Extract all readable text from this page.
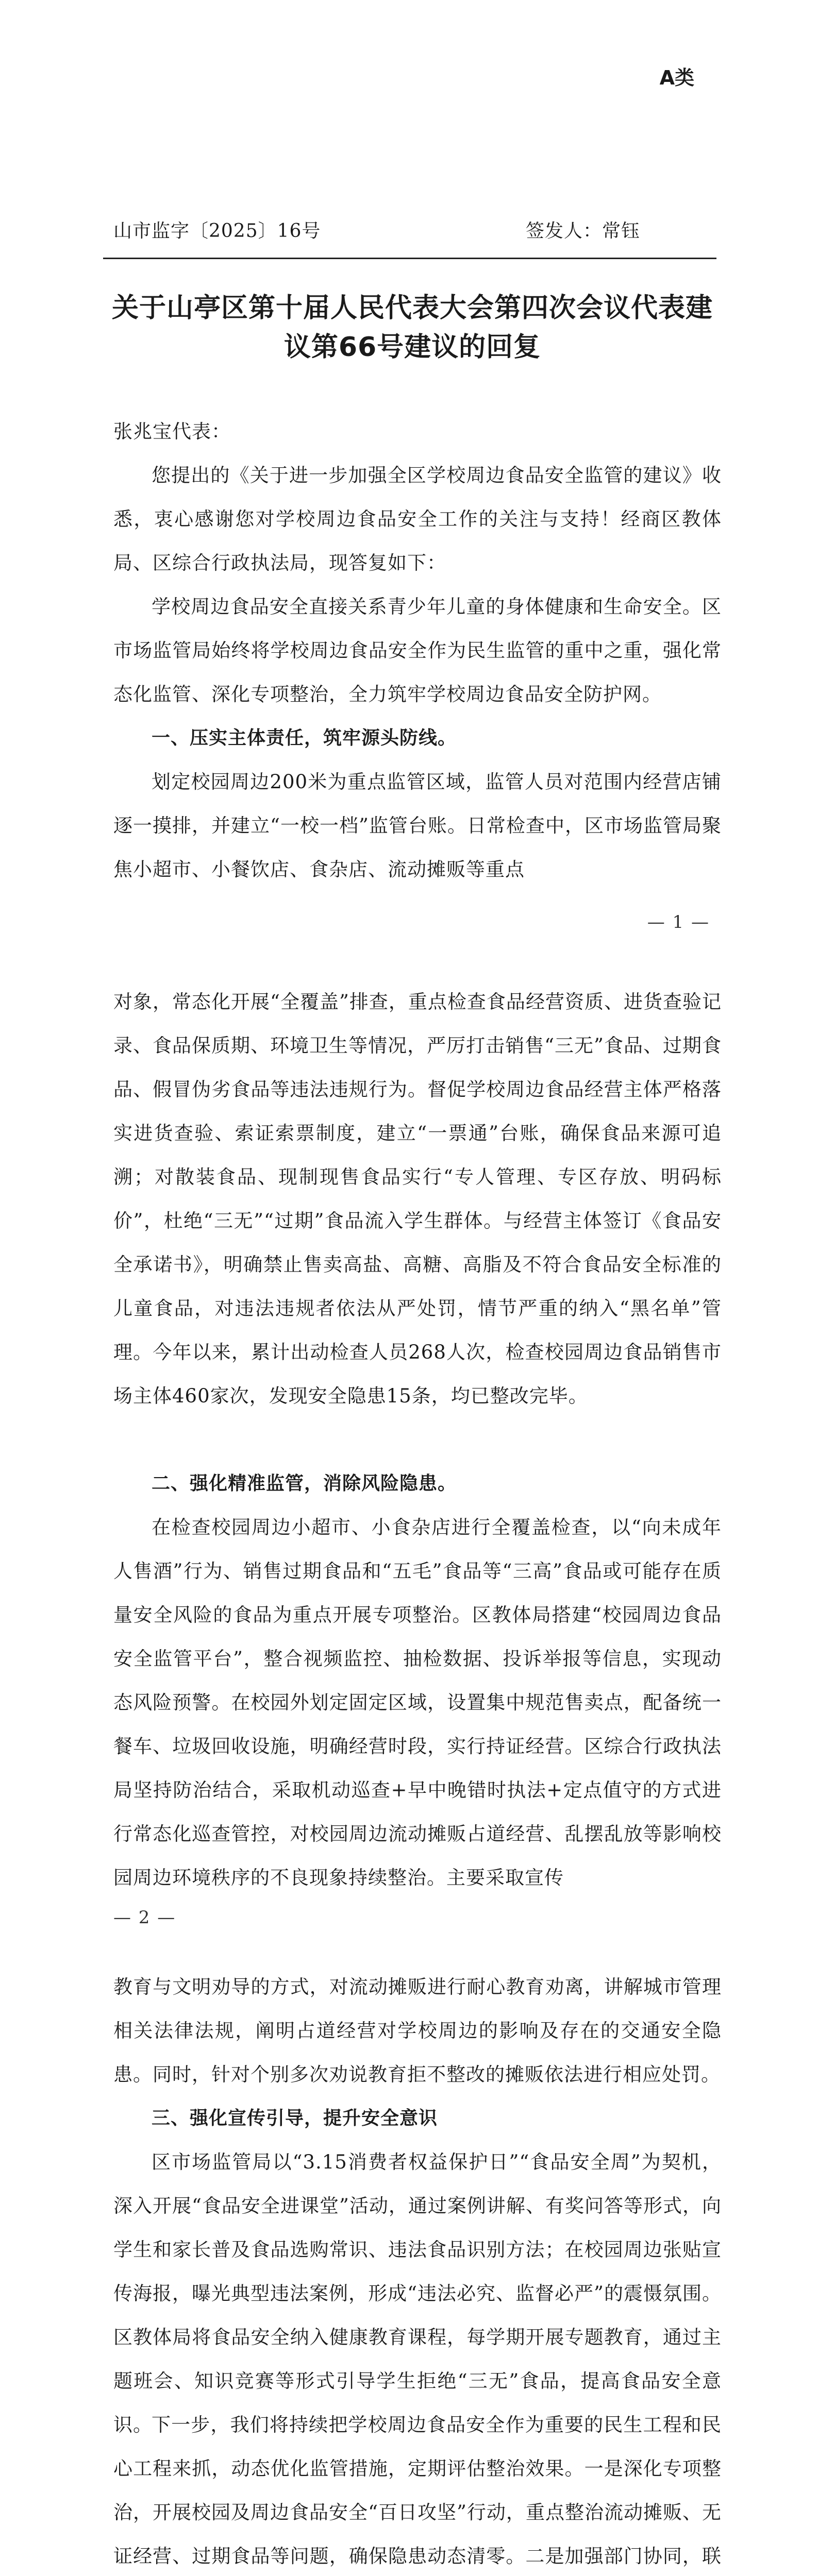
A类
山市监字〔2025〕16号	签发人：常钰
关于山亭区第十届人民代表大会第四次会议代表建议第66号建议的回复
张兆宝代表：
您提出的《关于进一步加强全区学校周边食品安全监管的建议》收悉，衷心感谢您对学校周边食品安全工作的关注与支持！经商区教体局、区综合行政执法局，现答复如下：
学校周边食品安全直接关系青少年儿童的身体健康和生命安全。区市场监管局始终将学校周边食品安全作为民生监管的重中之重，强化常态化监管、深化专项整治，全力筑牢学校周边食品安全防护网。
一、压实主体责任，筑牢源头防线。
划定校园周边200米为重点监管区域，监管人员对范围内经营店铺逐一摸排，并建立“一校一档”监管台账。日常检查中，区市场监管局聚焦小超市、小餐饮店、食杂店、流动摊贩等重点
— 1 —
对象，常态化开展“全覆盖”排查，重点检查食品经营资质、进货查验记录、食品保质期、环境卫生等情况，严厉打击销售“三无”食品、过期食品、假冒伪劣食品等违法违规行为。督促学校周边食品经营主体严格落实进货查验、索证索票制度，建立“一票通”台账，确保食品来源可追溯；对散装食品、现制现售食品实行“专人管理、专区存放、明码标价”，杜绝“三无”“过期”食品流入学生群体。与经营主体签订《食品安全承诺书》，明确禁止售卖高盐、高糖、高脂及不符合食品安全标准的儿童食品，对违法违规者依法从严处罚，情节严重的纳入“黑名单”管理。今年以来，累计出动检查人员268人次，检查校园周边食品销售市场主体460家次，发现安全隐患15条，均已整改完毕。
二、强化精准监管，消除风险隐患。
在检查校园周边小超市、小食杂店进行全覆盖检查，以“向未成年人售酒”行为、销售过期食品和“五毛”食品等“三高”食品或可能存在质量安全风险的食品为重点开展专项整治。区教体局搭建“校园周边食品安全监管平台”，整合视频监控、抽检数据、投诉举报等信息，实现动态风险预警。在校园外划定固定区域，设置集中规范售卖点，配备统一餐车、垃圾回收设施，明确经营时段，实行持证经营。区综合行政执法局坚持防治结合，采取机动巡查+早中晚错时执法+定点值守的方式进行常态化巡查管控，对校园周边流动摊贩占道经营、乱摆乱放等影响校园周边环境秩序的不良现象持续整治。主要采取宣传
— 2 —
教育与文明劝导的方式，对流动摊贩进行耐心教育劝离，讲解城市管理相关法律法规，阐明占道经营对学校周边的影响及存在的交通安全隐患。同时，针对个别多次劝说教育拒不整改的摊贩依法进行相应处罚。
三、强化宣传引导，提升安全意识
区市场监管局以“3.15消费者权益保护日”“食品安全周”为契机，深入开展“食品安全进课堂”活动，通过案例讲解、有奖问答等形式，向学生和家长普及食品选购常识、违法食品识别方法；在校园周边张贴宣传海报，曝光典型违法案例，形成“违法必究、监督必严”的震慑氛围。区教体局将食品安全纳入健康教育课程，每学期开展专题教育，通过主题班会、知识竞赛等形式引导学生拒绝“三无”食品，提高食品安全意识。
下一步，我们将持续把学校周边食品安全作为重要的民生工程和民心工程来抓，动态优化监管措施，定期评估整治效果。一是深化专项整治，开展校园及周边食品安全“百日攻坚”行动，重点整治流动摊贩、无证经营、过期食品等问题，确保隐患动态清零。二是加强部门协同，联
